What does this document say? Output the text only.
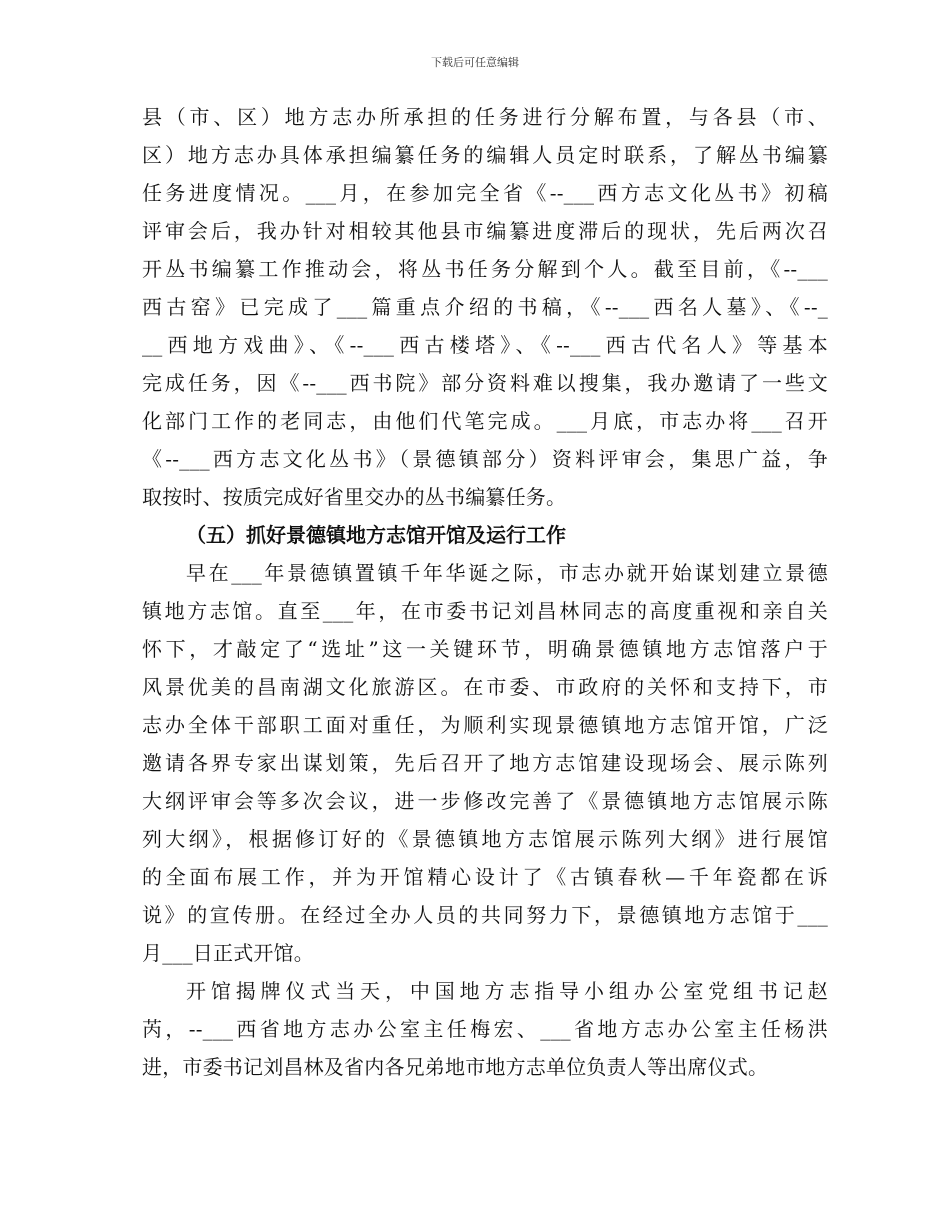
下载后可任意编辑
县（市、区）地方志办所承担的任务进行分解布置，与各县（市、
区）地方志办具体承担编纂任务的编辑人员定时联系，了解丛书编纂
任务进度情况。___月，在参加完全省《--___西方志文化丛书》初稿
评审会后，我办针对相较其他县市编纂进度滞后的现状，先后两次召
开丛书编纂工作推动会，将丛书任务分解到个人。截至目前，《--___
西古窑》已完成了___篇重点介绍的书稿，《--___西名人墓》、《--_
__西地方戏曲》、《--___西古楼塔》、《--___西古代名人》等基本
完成任务，因《--___西书院》部分资料难以搜集，我办邀请了一些文
化部门工作的老同志，由他们代笔完成。___月底，市志办将___召开
《--___西方志文化丛书》（景德镇部分）资料评审会，集思广益，争
取按时、按质完成好省里交办的丛书编纂任务。
（五）抓好景德镇地方志馆开馆及运行工作
早在___年景德镇置镇千年华诞之际，市志办就开始谋划建立景德
镇地方志馆。直至___年，在市委书记刘昌林同志的高度重视和亲自关
怀下，才敲定了“选址”这一关键环节，明确景德镇地方志馆落户于
风景优美的昌南湖文化旅游区。在市委、市政府的关怀和支持下，市
志办全体干部职工面对重任，为顺利实现景德镇地方志馆开馆，广泛
邀请各界专家出谋划策，先后召开了地方志馆建设现场会、展示陈列
大纲评审会等多次会议，进一步修改完善了《景德镇地方志馆展示陈
列大纲》，根据修订好的《景德镇地方志馆展示陈列大纲》进行展馆
的全面布展工作，并为开馆精心设计了《古镇春秋—千年瓷都在诉
说》的宣传册。在经过全办人员的共同努力下，景德镇地方志馆于___
月___日正式开馆。
开馆揭牌仪式当天，中国地方志指导小组办公室党组书记赵
芮，--___西省地方志办公室主任梅宏、___省地方志办公室主任杨洪
进，市委书记刘昌林及省内各兄弟地市地方志单位负责人等出席仪式。
